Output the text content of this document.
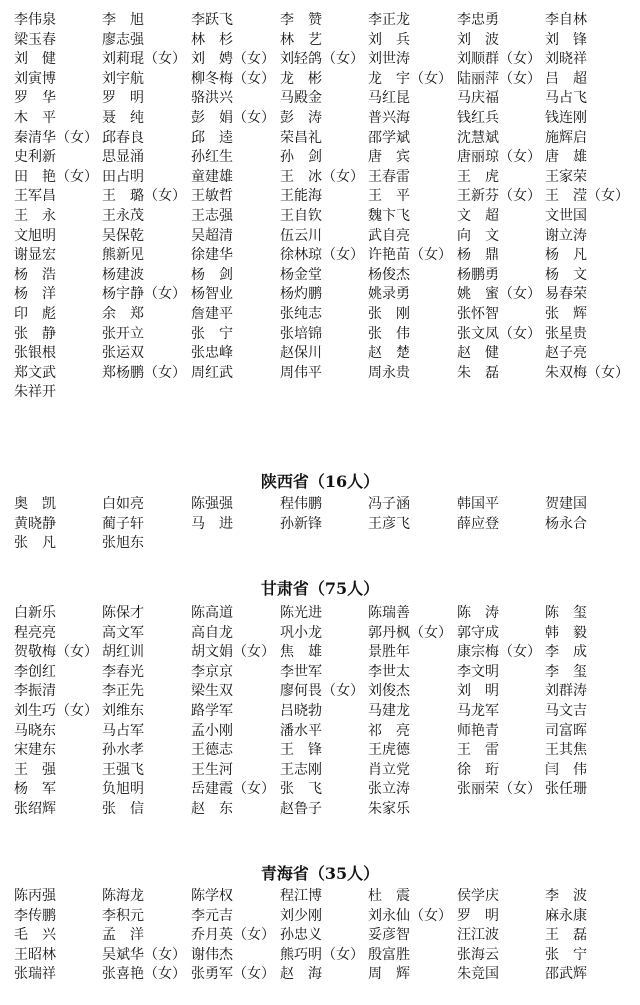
李伟泉	李　旭	李跃飞	李　赞	李正龙	李忠勇	李自林
梁玉春	廖志强	林　杉	林　艺	刘　兵	刘　波	刘　锋
刘　健	刘莉琨（女） 刘　娉（女） 刘轻鸽（女） 刘世涛	刘顺群（女） 刘晓祥
刘寅博	刘宇航	柳冬梅（女） 龙　彬	龙　宇（女） 陆丽萍（女） 吕　超
罗　华	罗　明	骆洪兴	马殿金	马红昆	马庆福	马占飞
木　平	聂　纯	彭　娟（女） 彭　涛	普兴海	钱红兵	钱连刚
秦清华（女） 邱春良	邱　逵	荣昌礼	邵学斌	沈慧斌	施辉启
史利新	思显涌	孙红生	孙　剑	唐　宾	唐丽琼（女） 唐　雄
田　艳（女） 田占明	童建雄	王　冰（女） 王春雷	王　虎	王家荣
王军昌	王　璐（女） 王敏哲	王能海	王　平	王新芬（女） 王　滢（女）
王　永	王永茂	王志强	王自钦	魏卞飞	文　超	文世国
文旭明	吴保乾	吴超清	伍云川	武自亮	向　文	谢立涛
谢显宏	熊新见	徐建华	徐林琼（女） 许艳苗（女） 杨　鼎	杨　凡
杨　浩	杨建波	杨　剑	杨金堂	杨俊杰	杨鹏勇	杨　文
杨　洋	杨宇静（女） 杨智业	杨灼鹏	姚录勇	姚　蜜（女） 易春荣
印　彪	余　郑	詹建平	张纯志	张　刚	张怀智	张　辉
张　静	张开立	张　宁	张培锦	张　伟	张文凤（女） 张星贵
张银根	张运双	张忠峰	赵保川	赵　楚	赵　健	赵子亮
郑文武	郑杨鹏（女） 周红武	周伟平	周永贵	朱　磊	朱双梅（女）
朱祥开
陕西省（16人）
奥　凯	白如亮	陈强强	程伟鹏	冯子涵	韩国平	贺建国
黄晓静	蔺子轩	马　进	孙新锋	王彦飞	薛应登	杨永合
张　凡	张旭东
甘肃省（75人）
白新乐	陈保才	陈高道	陈光进	陈瑞善	陈　涛	陈　玺
程亮亮	高文军	高自龙	巩小龙	郭丹枫（女） 郭守成	韩　毅
贺敬梅（女） 胡红训	胡文娟（女） 焦　雄	景胜年	康宗梅（女） 李　成
李创红	李春光	李京京	李世军	李世太	李文明	李　玺
李振清	李正先	梁生双	廖何畏（女） 刘俊杰	刘　明	刘群涛
刘生巧（女） 刘维东	路学军	吕晓勃	马建龙	马龙军	马文吉
马晓东	马占军	孟小刚	潘水平	祁　亮	师艳青	司富晖
宋建东	孙水孝	王德志	王　锋	王虎德	王　雷	王其焦
王　强	王强飞	王生河	王志刚	肖立党	徐　珩	闫　伟
杨　军	负旭明	岳建霞（女） 张　飞	张立涛	张丽荣（女） 张任珊
张绍辉	张　信	赵　东	赵鲁子	朱家乐
青海省（35人）
陈丙强	陈海龙	陈学权	程江博	杜　震	侯学庆	李　波
李传鹏	李积元	李元吉	刘少刚	刘永仙（女） 罗　明	麻永康
毛　兴	孟　洋	乔月英（女） 孙忠义	妥彦智	汪江波	王　磊
王昭林	吴斌华（女） 谢伟杰	熊巧明（女） 殷富胜	张海云	张　宁
张瑞祥	张喜艳（女） 张勇军（女） 赵　海	周　辉	朱竞国	邵武辉
